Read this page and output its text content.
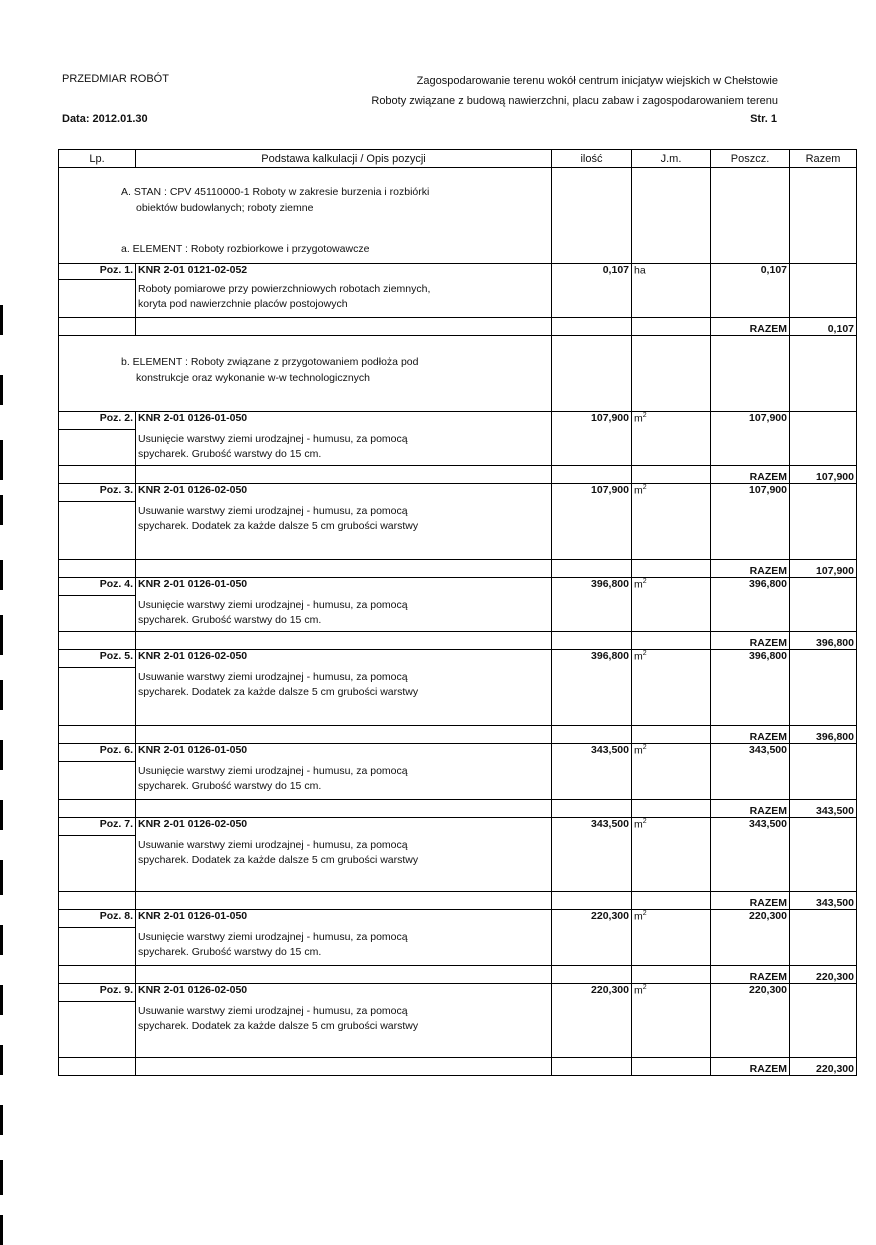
PRZEDMIAR ROBÓT	Zagospodarowanie terenu wokół centrum inicjatyw wiejskich w Chełstowie
Roboty związane z budową nawierzchni, placu zabaw i zagospodarowaniem terenu
Data: 2012.01.30	Str. 1
Lp.	Podstawa kalkulacji / Opis pozycji	ilość	J.m.	Poszcz.	Razem

A. STAN : CPV 45110000-1 Roboty w zakresie burzenia i rozbiórki
obiektów budowlanych; roboty ziemne
a. ELEMENT : Roboty rozbiorkowe i przygotowawcze					

Poz. 1.	KNR 2-01 0121-02-052	0,107	ha	0,107	

	Roboty pomiarowe przy powierzchniowych robotach ziemnych,
koryta pod nawierzchnie placów postojowych				

				RAZEM	0,107

b. ELEMENT : Roboty związane z przygotowaniem podłoża pod
konstrukcje oraz wykonanie w-w technologicznych					

Poz. 2.	KNR 2-01 0126-01-050	107,900	$m^2$	107,900	

	Usunięcie warstwy ziemi urodzajnej - humusu, za pomocą
spycharek. Grubość warstwy do 15 cm.				

				RAZEM	107,900
Poz. 3.	KNR 2-01 0126-02-050	107,900	$m^2$	107,900	

	Usuwanie warstwy ziemi urodzajnej - humusu, za pomocą
spycharek. Dodatek za każde dalsze 5 cm grubości warstwy				

				RAZEM	107,900
Poz. 4.	KNR 2-01 0126-01-050	396,800	$m^2$	396,800	

	Usunięcie warstwy ziemi urodzajnej - humusu, za pomocą
spycharek. Grubość warstwy do 15 cm.				

				RAZEM	396,800
Poz. 5.	KNR 2-01 0126-02-050	396,800	$m^2$	396,800	

	Usuwanie warstwy ziemi urodzajnej - humusu, za pomocą
spycharek. Dodatek za każde dalsze 5 cm grubości warstwy				

				RAZEM	396,800
Poz. 6.	KNR 2-01 0126-01-050	343,500	$m^2$	343,500	

	Usunięcie warstwy ziemi urodzajnej - humusu, za pomocą
spycharek. Grubość warstwy do 15 cm.				

				RAZEM	343,500
Poz. 7.	KNR 2-01 0126-02-050	343,500	$m^2$	343,500	

	Usuwanie warstwy ziemi urodzajnej - humusu, za pomocą
spycharek. Dodatek za każde dalsze 5 cm grubości warstwy				

				RAZEM	343,500
Poz. 8.	KNR 2-01 0126-01-050	220,300	$m^2$	220,300	

	Usunięcie warstwy ziemi urodzajnej - humusu, za pomocą
spycharek. Grubość warstwy do 15 cm.				

				RAZEM	220,300
Poz. 9.	KNR 2-01 0126-02-050	220,300	$m^2$	220,300	

	Usuwanie warstwy ziemi urodzajnej - humusu, za pomocą
spycharek. Dodatek za każde dalsze 5 cm grubości warstwy				

				RAZEM	220,300
